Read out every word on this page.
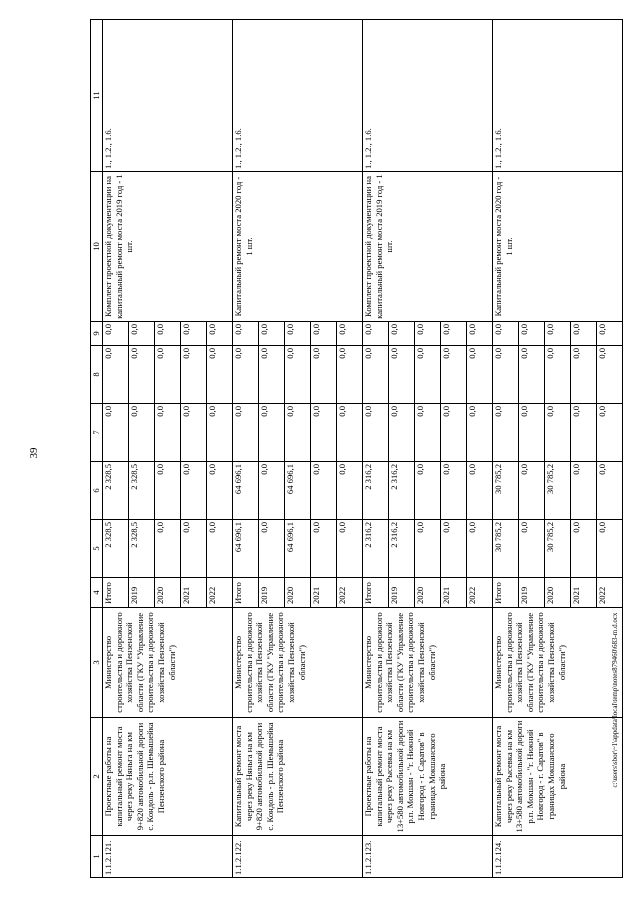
39
c:\users\sbor\~1\appdata\local\temp\notes879460\683-m.d.ocx
1	2	3	4	5	6	7	8	9	10	11
1.1.2.121.	Проектные работы на капитальный ремонт моста через реку Няньга на км 9+820 автомобильной дороги с. Кондоль - р.п. Шемышейка Пензенского района	Министерство строительства и дорожного хозяйства Пензенской области (ГКУ "Управление строительства и дорожного хозяйства Пензенской области")	Итого	2 328,5	2 328,5	0,0	0,0	0,0	Комплект проектной документации на капитальный ремонт моста 2019 год - 1 шт.	1., 1.2., 1.6.
			2019	2 328,5	2 328,5	0,0	0,0	0,0		
			2020	0,0	0,0	0,0	0,0	0,0		
			2021	0,0	0,0	0,0	0,0	0,0		
			2022	0,0	0,0	0,0	0,0	0,0		
1.1.2.122.	Капитальный ремонт моста через реку Няньга на км 9+820 автомобильной дороги с. Кондоль - р.п. Шемышейка Пензенского района	Министерство строительства и дорожного хозяйства Пензенской области (ГКУ "Управление строительства и дорожного хозяйства Пензенской области")	Итого	64 696,1	64 696,1	0,0	0,0	0,0	Капитальный ремонт моста 2020 год - 1 шт.	1., 1.2., 1.6.
			2019	0,0	0,0	0,0	0,0	0,0		
			2020	64 696,1	64 696,1	0,0	0,0	0,0		
			2021	0,0	0,0	0,0	0,0	0,0		
			2022	0,0	0,0	0,0	0,0	0,0		
1.1.2.123.	Проектные работы на капитальный ремонт моста через реку Рысевка на км 13+580 автомобильной дороги р.п. Мокшан - "г. Нижний Новгород - г. Саратов" в границах Мокшанского района	Министерство строительства и дорожного хозяйства Пензенской области (ГКУ "Управление строительства и дорожного хозяйства Пензенской области")	Итого	2 316,2	2 316,2	0,0	0,0	0,0	Комплект проектной документации на капитальный ремонт моста 2019 год - 1 шт.	1., 1.2., 1.6.
			2019	2 316,2	2 316,2	0,0	0,0	0,0		
			2020	0,0	0,0	0,0	0,0	0,0		
			2021	0,0	0,0	0,0	0,0	0,0		
			2022	0,0	0,0	0,0	0,0	0,0		
1.1.2.124.	Капитальный ремонт моста через реку Рысевка на км 13+580 автомобильной дороги р.п. Мокшан - "г. Нижний Новгород - г. Саратов" в границах Мокшанского района	Министерство строительства и дорожного хозяйства Пензенской области (ГКУ "Управление строительства и дорожного хозяйства Пензенской области")	Итого	30 785,2	30 785,2	0,0	0,0	0,0	Капитальный ремонт моста 2020 год - 1 шт.	1., 1.2., 1.6.
			2019	0,0	0,0	0,0	0,0	0,0		
			2020	30 785,2	30 785,2	0,0	0,0	0,0		
			2021	0,0	0,0	0,0	0,0	0,0		
			2022	0,0	0,0	0,0	0,0	0,0		
